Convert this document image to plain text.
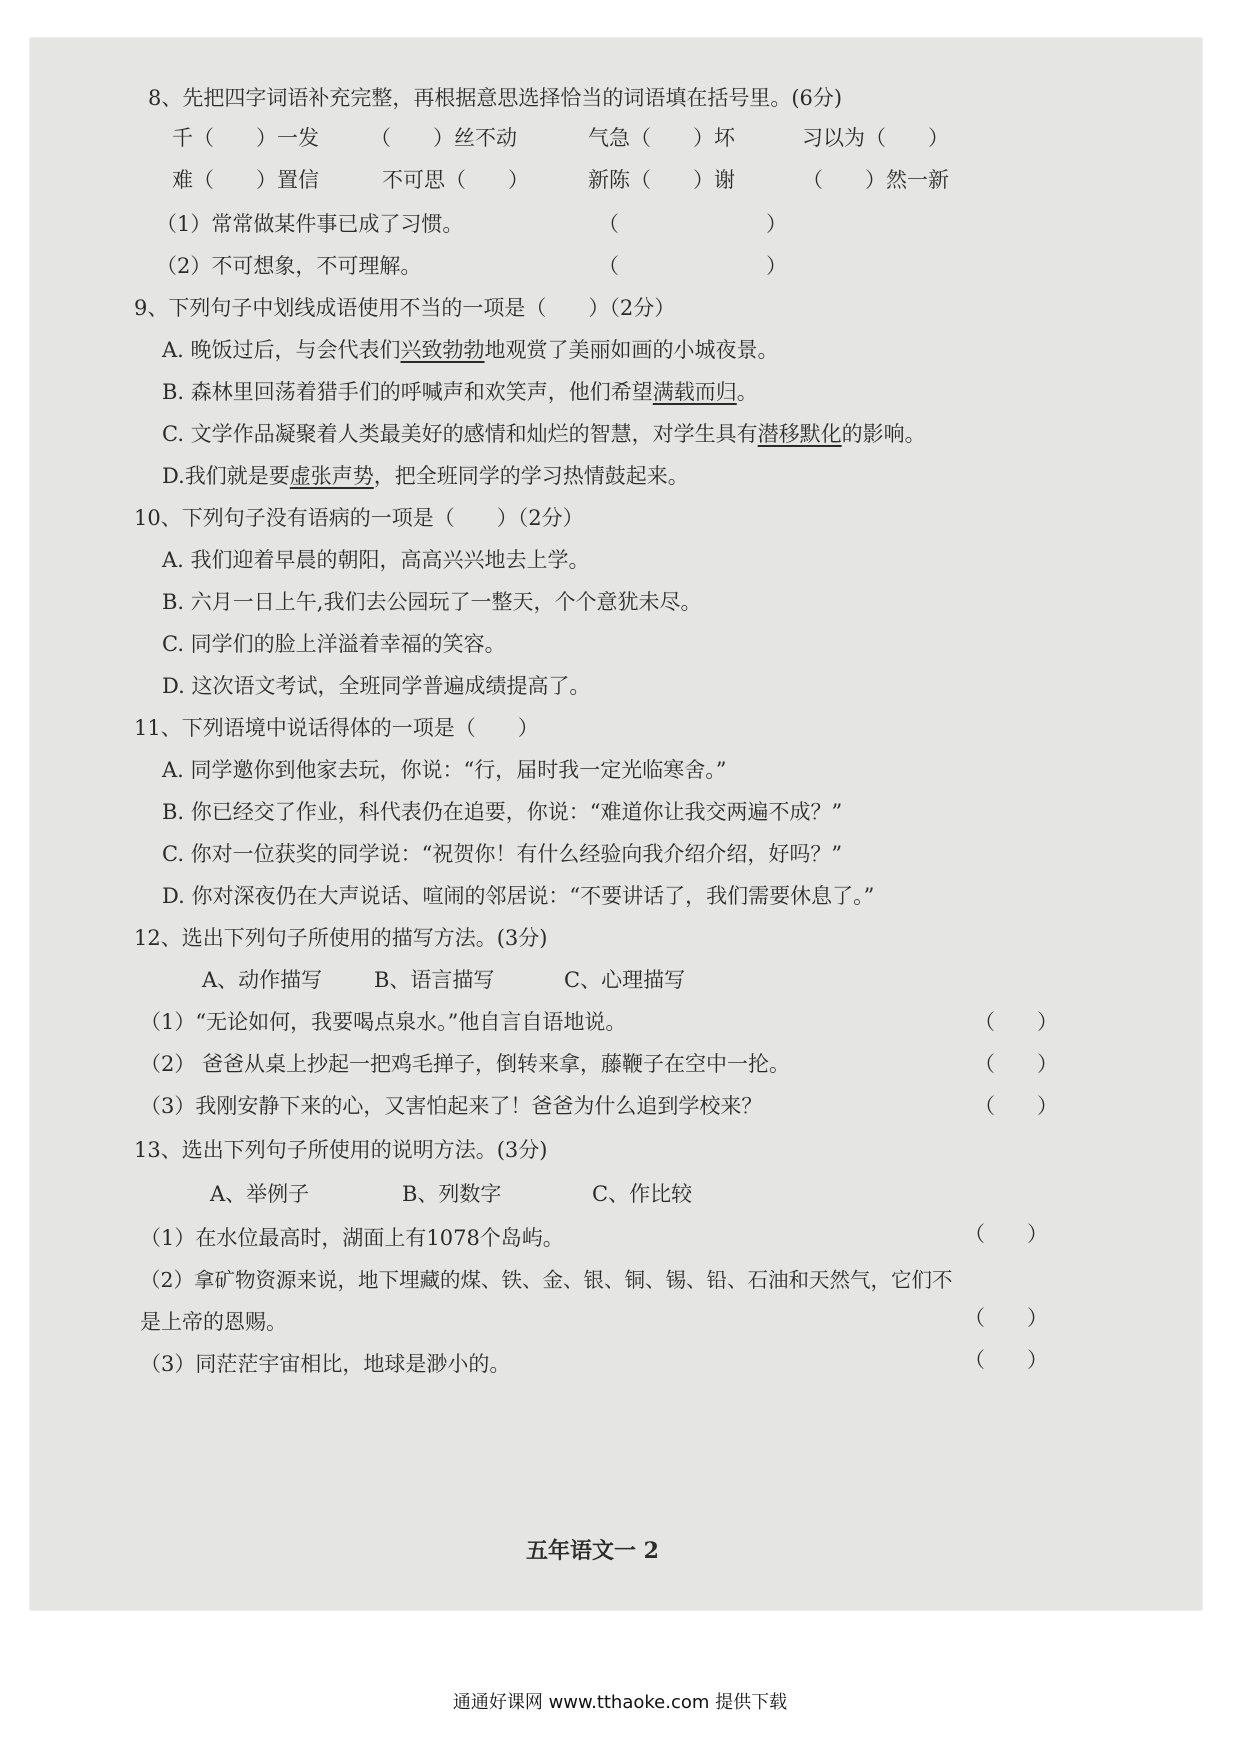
8、先把四字词语补充完整，再根据意思选择恰当的词语填在括号里。(6分)
千（　　）一发 （　　）丝不动	气急（　　）坏	习以为（　　）
难（　　）置信	不可思（　　）	新陈（　　）谢	（　　）然一新
（1）常常做某件事已成了习惯。	（　　　　　　　）
（2）不可想象，不可理解。	（　　　　　　　）
9、下列句子中划线成语使用不当的一项是（　　）（2分）
A. 晚饭过后，与会代表们兴致勃勃地观赏了美丽如画的小城夜景。
B. 森林里回荡着猎手们的呼喊声和欢笑声，他们希望满载而归。
C. 文学作品凝聚着人类最美好的感情和灿烂的智慧，对学生具有潜移默化的影响。
D.我们就是要虚张声势，把全班同学的学习热情鼓起来。
10、下列句子没有语病的一项是（　　）（2分）
A. 我们迎着早晨的朝阳，高高兴兴地去上学。
B. 六月一日上午,我们去公园玩了一整天，个个意犹未尽。
C. 同学们的脸上洋溢着幸福的笑容。
D. 这次语文考试，全班同学普遍成绩提高了。
11、下列语境中说话得体的一项是（　　）
A. 同学邀你到他家去玩，你说：“行，届时我一定光临寒舍。”
B. 你已经交了作业，科代表仍在追要，你说：“难道你让我交两遍不成？”
C. 你对一位获奖的同学说：“祝贺你！有什么经验向我介绍介绍，好吗？”
D. 你对深夜仍在大声说话、喧闹的邻居说：“不要讲话了，我们需要休息了。”
12、选出下列句子所使用的描写方法。(3分)
A、动作描写 B、语言描写	C、心理描写
（1）“无论如何，我要喝点泉水。”他自言自语地说。	（　　）
（2） 爸爸从桌上抄起一把鸡毛掸子，倒转来拿，藤鞭子在空中一抡。	（　　）
（3）我刚安静下来的心，又害怕起来了！爸爸为什么追到学校来？	（　　）
13、选出下列句子所使用的说明方法。(3分)
A、举例子	B、列数字	C、作比较
（1）在水位最高时，湖面上有1078个岛屿。	（　　）
（2）拿矿物资源来说，地下埋藏的煤、铁、金、银、铜、锡、铅、石油和天然气，它们不
是上帝的恩赐。	（　　）
（3）同茫茫宇宙相比，地球是渺小的。	（　　）
五年语文一 2
通通好课网 www.tthaoke.com 提供下载
